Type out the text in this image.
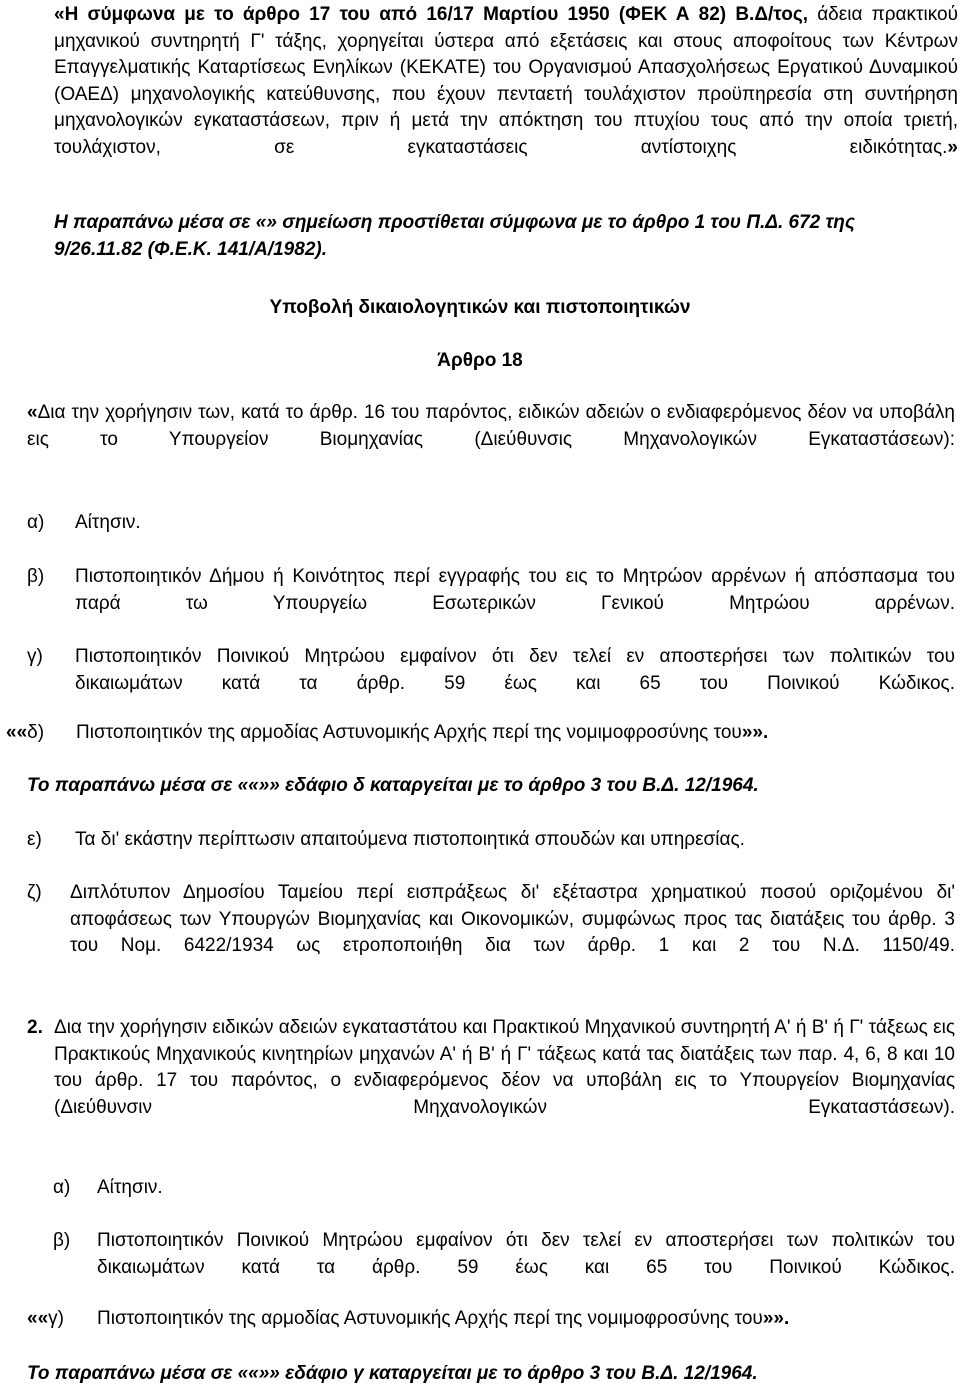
«Η σύμφωνα με το άρθρο 17 του από 16/17 Μαρτίου 1950 (ΦΕΚ Α 82) Β.Δ/τος, άδεια πρακτικού μηχανικού συντηρητή Γ' τάξης, χορηγείται ύστερα από εξετάσεις και στους αποφοίτους των Κέντρων Επαγγελματικής Καταρτίσεως Ενηλίκων (ΚΕΚΑΤΕ) του Οργανισμού Απασχολήσεως Εργατικού Δυναμικού (ΟΑΕΔ) μηχανολογικής κατεύθυνσης, που έχουν πενταετή τουλάχιστον προϋπηρεσία στη συντήρηση μηχανολογικών εγκαταστάσεων, πριν ή μετά την απόκτηση του πτυχίου τους από την οποία τριετή, τουλάχιστον, σε εγκαταστάσεις αντίστοιχης ειδικότητας.»

Η παραπάνω μέσα σε «» σημείωση προστίθεται σύμφωνα με το άρθρο 1 του Π.Δ. 672 της 9/26.11.82 (Φ.Ε.Κ. 141/Α/1982).

Υποβολή δικαιολογητικών και πιστοποιητικών

Άρθρο 18

«Δια την χορήγησιν των, κατά το άρθρ. 16 του παρόντος, ειδικών αδειών ο ενδιαφερόμενος δέον να υποβάλη εις το Υπουργείον Βιομηχανίας (Διεύθυνσις Μηχανολογικών Εγκαταστάσεων):

α)	Αίτησιν.
β)	Πιστοποιητικόν Δήμου ή Κοινότητος περί εγγραφής του εις το Μητρώον αρρένων ή απόσπασμα του παρά τω Υπουργείω Εσωτερικών Γενικού Μητρώου αρρένων.

γ)	Πιστοποιητικόν Ποινικού Μητρώου εμφαίνον ότι δεν τελεί εν αποστερήσει των πολιτικών του δικαιωμάτων κατά τα άρθρ. 59 έως και 65 του Ποινικού Κώδικος.

««δ)	Πιστοποιητικόν της αρμοδίας Αστυνομικής Αρχής περί της νομιμοφροσύνης του»».

Το παραπάνω μέσα σε ««»» εδάφιο δ καταργείται με το άρθρο 3 του Β.Δ. 12/1964.

ε)	Τα δι' εκάστην περίπτωσιν απαιτούμενα πιστοποιητικά σπουδών και υπηρεσίας.
ζ)	Διπλότυπον Δημοσίου Ταμείου περί εισπράξεως δι' εξέταστρα χρηματικού ποσού οριζομένου δι' αποφάσεως των Υπουργών Βιομηχανίας και Οικονομικών, συμφώνως προς τας διατάξεις του άρθρ. 3 του Νομ. 6422/1934 ως ετροποποιήθη δια των άρθρ. 1 και 2 του Ν.Δ. 1150/49.

2. Δια την χορήγησιν ειδικών αδειών εγκαταστάτου και Πρακτικού Μηχανικού συντηρητή Α' ή Β' ή Γ' τάξεως εις Πρακτικούς Μηχανικούς κινητηρίων μηχανών Α' ή Β' ή Γ' τάξεως κατά τας διατάξεις των παρ. 4, 6, 8 και 10 του άρθρ. 17 του παρόντος, ο ενδιαφερόμενος δέον να υποβάλη εις το Υπουργείον Βιομηχανίας (Διεύθυνσιν Μηχανολογικών Εγκαταστάσεων).

α)	Αίτησιν.
β)	Πιστοποιητικόν Ποινικού Μητρώου εμφαίνον ότι δεν τελεί εν αποστερήσει των πολιτικών του δικαιωμάτων κατά τα άρθρ. 59 έως και 65 του Ποινικού Κώδικος.

««γ)	Πιστοποιητικόν της αρμοδίας Αστυνομικής Αρχής περί της νομιμοφροσύνης του»».

Το παραπάνω μέσα σε ««»» εδάφιο γ καταργείται με το άρθρο 3 του Β.Δ. 12/1964.
